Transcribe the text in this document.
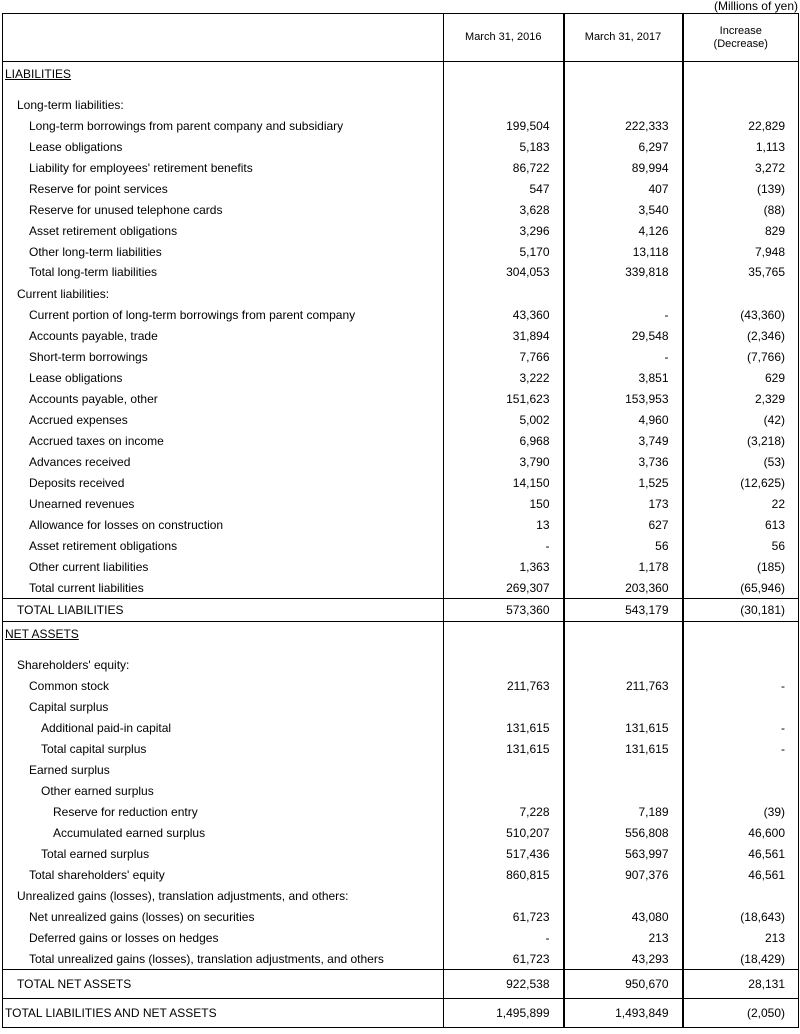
(Millions of yen)
	March 31, 2016	March 31, 2017	Increase
(Decrease)
LIABILITIES			

Long-term liabilities:			
Long-term borrowings from parent company and subsidiary	199,504	222,333	22,829
Lease obligations	5,183	6,297	1,113
Liability for employees' retirement benefits	86,722	89,994	3,272
Reserve for point services	547	407	(139)
Reserve for unused telephone cards	3,628	3,540	(88)
Asset retirement obligations	3,296	4,126	829
Other long-term liabilities	5,170	13,118	7,948
Total long-term liabilities	304,053	339,818	35,765
Current liabilities:			
Current portion of long-term borrowings from parent company	43,360	-	(43,360)
Accounts payable, trade	31,894	29,548	(2,346)
Short-term borrowings	7,766	-	(7,766)
Lease obligations	3,222	3,851	629
Accounts payable, other	151,623	153,953	2,329
Accrued expenses	5,002	4,960	(42)
Accrued taxes on income	6,968	3,749	(3,218)
Advances received	3,790	3,736	(53)
Deposits received	14,150	1,525	(12,625)
Unearned revenues	150	173	22
Allowance for losses on construction	13	627	613
Asset retirement obligations	-	56	56
Other current liabilities	1,363	1,178	(185)
Total current liabilities	269,307	203,360	(65,946)
TOTAL LIABILITIES	573,360	543,179	(30,181)
NET ASSETS			

Shareholders' equity:			
Common stock	211,763	211,763	-
Capital surplus			
Additional paid-in capital	131,615	131,615	-
Total capital surplus	131,615	131,615	-
Earned surplus			
Other earned surplus			
Reserve for reduction entry	7,228	7,189	(39)
Accumulated earned surplus	510,207	556,808	46,600
Total earned surplus	517,436	563,997	46,561
Total shareholders' equity	860,815	907,376	46,561
Unrealized gains (losses), translation adjustments, and others:			
Net unrealized gains (losses) on securities	61,723	43,080	(18,643)
Deferred gains or losses on hedges	-	213	213
Total unrealized gains (losses), translation adjustments, and others	61,723	43,293	(18,429)
TOTAL NET ASSETS	922,538	950,670	28,131
TOTAL LIABILITIES AND NET ASSETS	1,495,899	1,493,849	(2,050)
